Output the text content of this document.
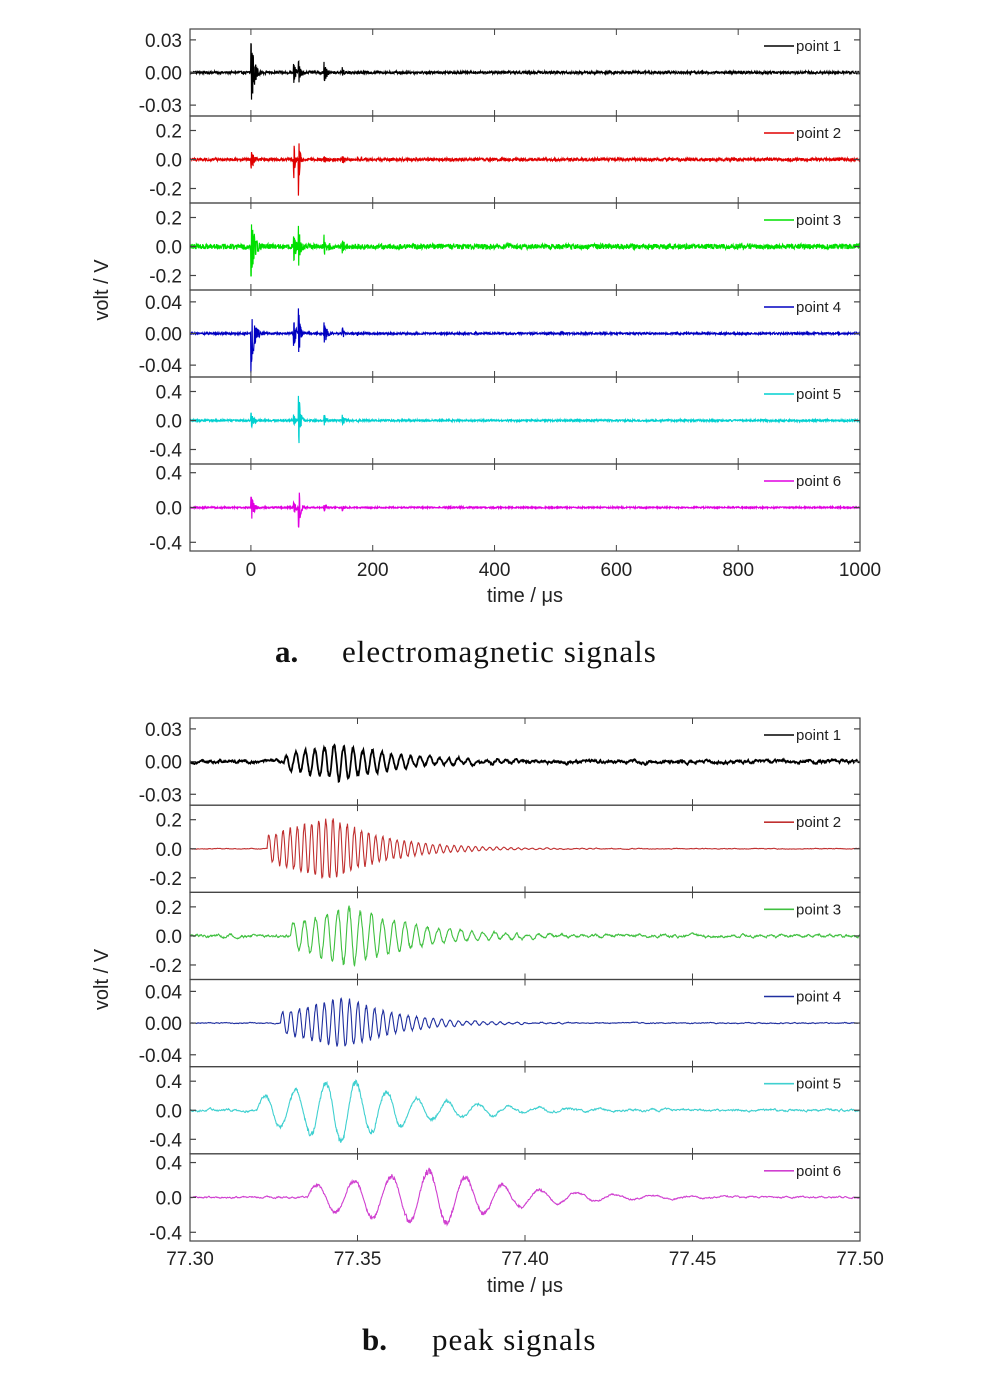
-0.03
0.00
0.03	point 1
-0.2
0.0
0.2	point 2
-0.2
0.0
0.2	point 3
-0.04
0.00
0.04	point 4
-0.4
0.0
0.4	point 5
-0.4
0.0
0.4	point 6
0	200	400	600	800	1000
time / μs
volt / V
a. electromagnetic signals
-0.03
0.00
0.03	point 1
-0.2
0.0
0.2	point 2
-0.2
0.0
0.2	point 3
-0.04
0.00
0.04	point 4
-0.4
0.0
0.4	point 5
-0.4
0.0
0.4	point 6
77.30	77.35	77.40	77.45	77.50
time / μs
volt / V
b. peak signals
